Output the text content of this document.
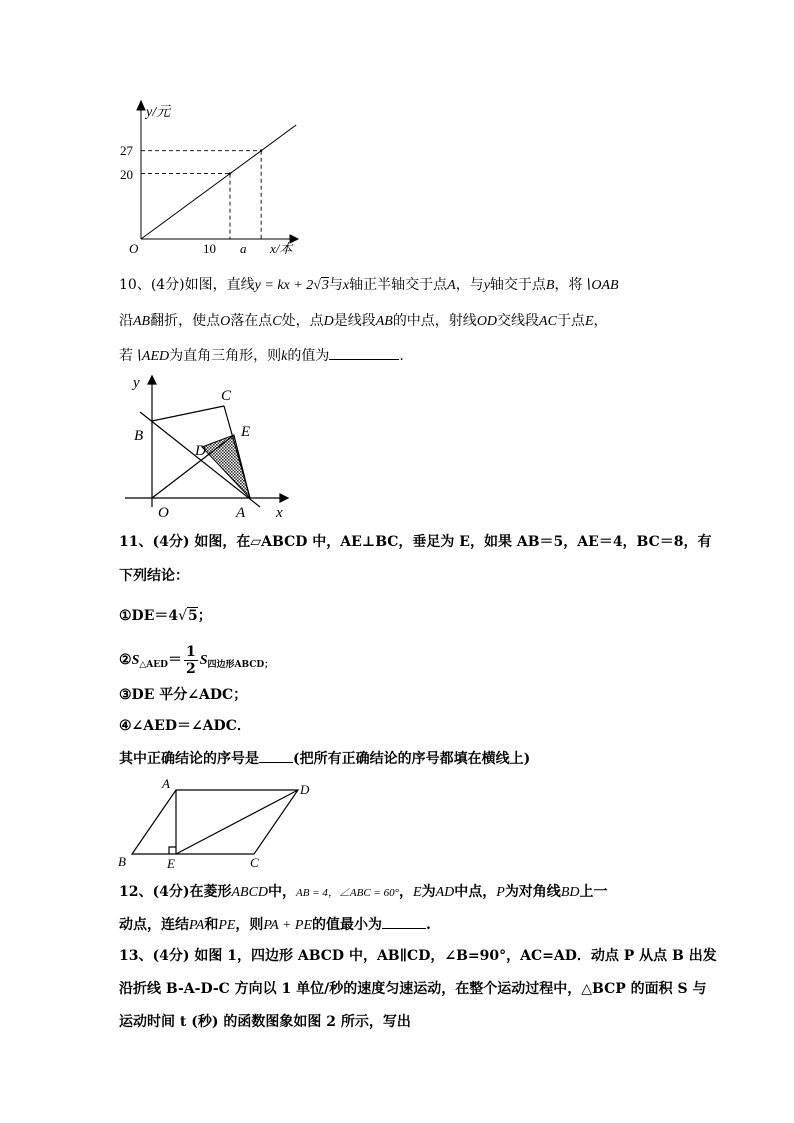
y/元
x/本
O
27
20
10 a
10、(4分)如图，直线y = kx + 2√3与x轴正半轴交于点A，与y轴交于点B，将∖OAB
沿AB翻折，使点O落在点C处，点D是线段AB的中点，射线OD交线段AC于点E，
若∖AED为直角三角形，则k的值为	.
y
C
B	E
D
O	A x
11、(4分) 如图，在▱ABCD 中，AE⊥BC，垂足为 E，如果 AB＝5，AE＝4，BC＝8，有
下列结论：
①DE＝4√5；
$②S_{\triangle AED}= \frac{1}{2} S_{四边形ABCD;}$
③DE 平分∠ADC；
④∠AED＝∠ADC．
其中正确结论的序号是 (把所有正确结论的序号都填在横线上)
A	D
B	E	C
12、(4分)在菱形ABCD中，AB = 4，∠ABC = 60°，E为AD中点，P为对角线BD上一
动点，连结PA和PE，则PA + PE的值最小为	.
13、(4分) 如图 1，四边形 ABCD 中，AB∥CD，∠B=90°，AC=AD．动点 P 从点 B 出发
沿折线 B-A-D-C 方向以 1 单位/秒的速度匀速运动，在整个运动过程中，△BCP 的面积 S 与
运动时间 t (秒) 的函数图象如图 2 所示，写出
